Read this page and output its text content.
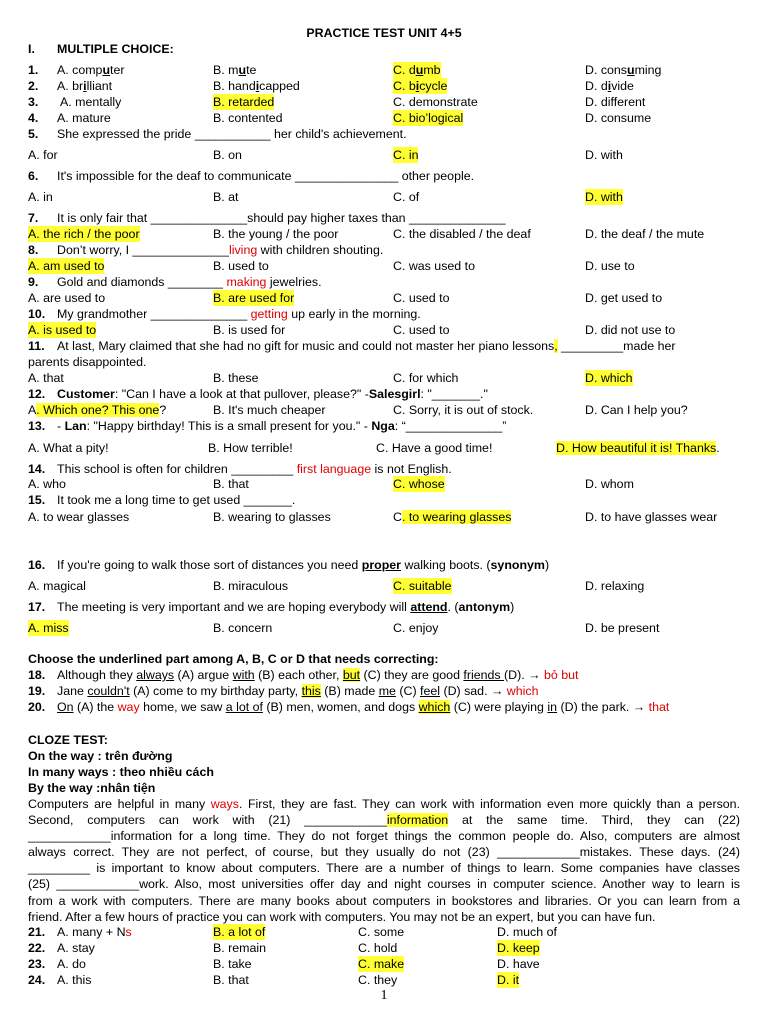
PRACTICE TEST UNIT 4+5
I. MULTIPLE CHOICE:
1. A. computer	B. mute	C. dumb	D. consuming
2. A. brilliant	B. handicapped	C. bicycle	D. divide
3. A. mentally	B. retarded	C. demonstrate	D. different
4. A. mature	B. contented	C. bio’logical	D. consume
5. She expressed the pride ___________ her child's achievement.
A. for	B. on	C. in	D. with
6. It's impossible for the deaf to communicate _______________ other people.
A. in	B. at	C. of	D. with
7. It is only fair that ______________should pay higher taxes than ______________
A. the rich / the poor	B. the young / the poor	C. the disabled / the deaf	D. the deaf / the mute
8. Don’t worry, I ______________living with children shouting.
A. am used to	B. used to	C. was used to	D. use to
9. Gold and diamonds ________ making jewelries.
A. are used to	B. are used for	C. used to	D. get used to
10. My grandmother ______________ getting up early in the morning.
A. is used to	B. is used for	C. used to	D. did not use to
11. At last, Mary claimed that she had no gift for music and could not master her piano lessons, _________made her
parents disappointed.
A. that	B. these	C. for which	D. which
12. Customer: "Can I have a look at that pullover, please?" -Salesgirl: "_______."
A. Which one? This one?	B. It's much cheaper	C. Sorry, it is out of stock.	D. Can I help you?
13. - Lan: "Happy birthday! This is a small present for you." - Nga: “______________”
A. What a pity!	B. How terrible!	C. Have a good time!	D. How beautiful it is! Thanks.
14. This school is often for children _________ first language is not English.
A. who	B. that	C. whose	D. whom
15. It took me a long time to get used _______.
A. to wear glasses	B. wearing to glasses	C. to wearing glasses	D. to have glasses wear
16. If you're going to walk those sort of distances you need proper walking boots. (synonym)
A. magical	B. miraculous	C. suitable	D. relaxing
17. The meeting is very important and we are hoping everybody will attend. (antonym)
A. miss	B. concern	C. enjoy	D. be present
Choose the underlined part among A, B, C or D that needs correcting:
18. Although they always (A) argue with (B) each other, but (C) they are good friends (D). → bỏ but
19. Jane couldn't (A) come to my birthday party, this (B) made me (C) feel (D) sad. → which
20. On (A) the way home, we saw a lot of (B) men, women, and dogs which (C) were playing in (D) the park. → that
CLOZE TEST:
On the way : trên đường
In many ways : theo nhiều cách
By the way :nhân tiện
Computers are helpful in many ways. First, they are fast. They can work with information even more quickly than a person.
Second, computers can work with (21) ____________information at the same time. Third, they can (22)
____________information for a long time. They do not forget things the common people do. Also, computers are almost
always correct. They are not perfect, of course, but they usually do not (23) ____________mistakes. These days. (24)
_________ is important to know about computers. There are a number of things to learn. Some companies have classes
(25) ____________work. Also, most universities offer day and night courses in computer science. Another way to learn is
from a work with computers. There are many books about computers in bookstores and libraries. Or you can learn from a
friend. After a few hours of practice you can work with computers. You may not be an expert, but you can have fun.
21. A. many + Ns	B. a lot of	C. some	D. much of
22. A. stay	B. remain	C. hold	D. keep
23. A. do	B. take	C. make	D. have
24. A. this	B. that	C. they	D. it
1
